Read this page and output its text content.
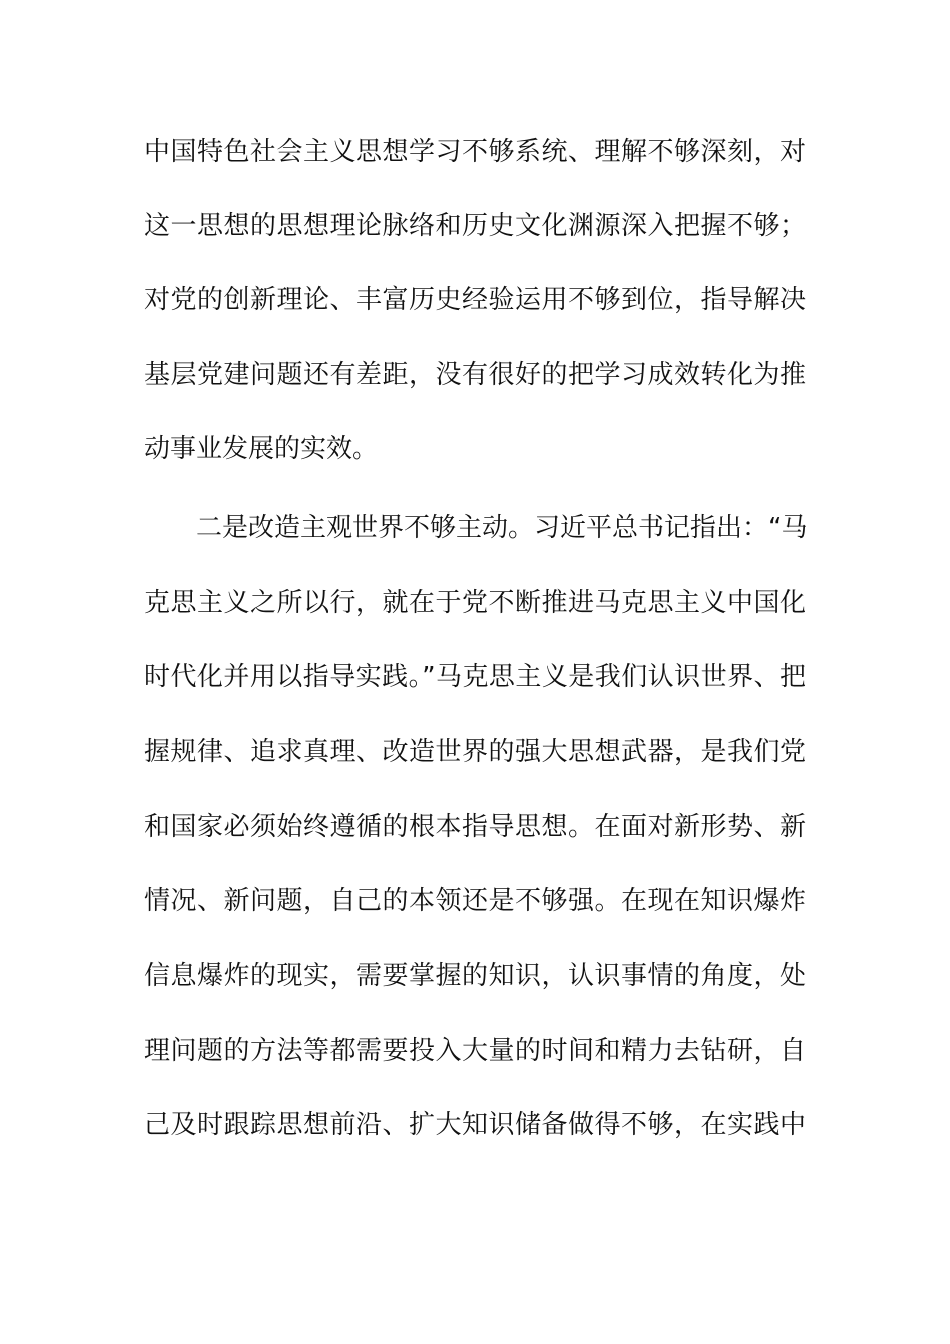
中国特色社会主义思想学习不够系统、理解不够深刻，对
这一思想的思想理论脉络和历史文化渊源深入把握不够；
对党的创新理论、丰富历史经验运用不够到位，指导解决
基层党建问题还有差距，没有很好的把学习成效转化为推
动事业发展的实效。
二是改造主观世界不够主动。习近平总书记指出：“马
克思主义之所以行，就在于党不断推进马克思主义中国化
时代化并用以指导实践。”马克思主义是我们认识世界、把
握规律、追求真理、改造世界的强大思想武器，是我们党
和国家必须始终遵循的根本指导思想。在面对新形势、新
情况、新问题，自己的本领还是不够强。在现在知识爆炸
信息爆炸的现实，需要掌握的知识，认识事情的角度，处
理问题的方法等都需要投入大量的时间和精力去钻研，自
己及时跟踪思想前沿、扩大知识储备做得不够，在实践中
